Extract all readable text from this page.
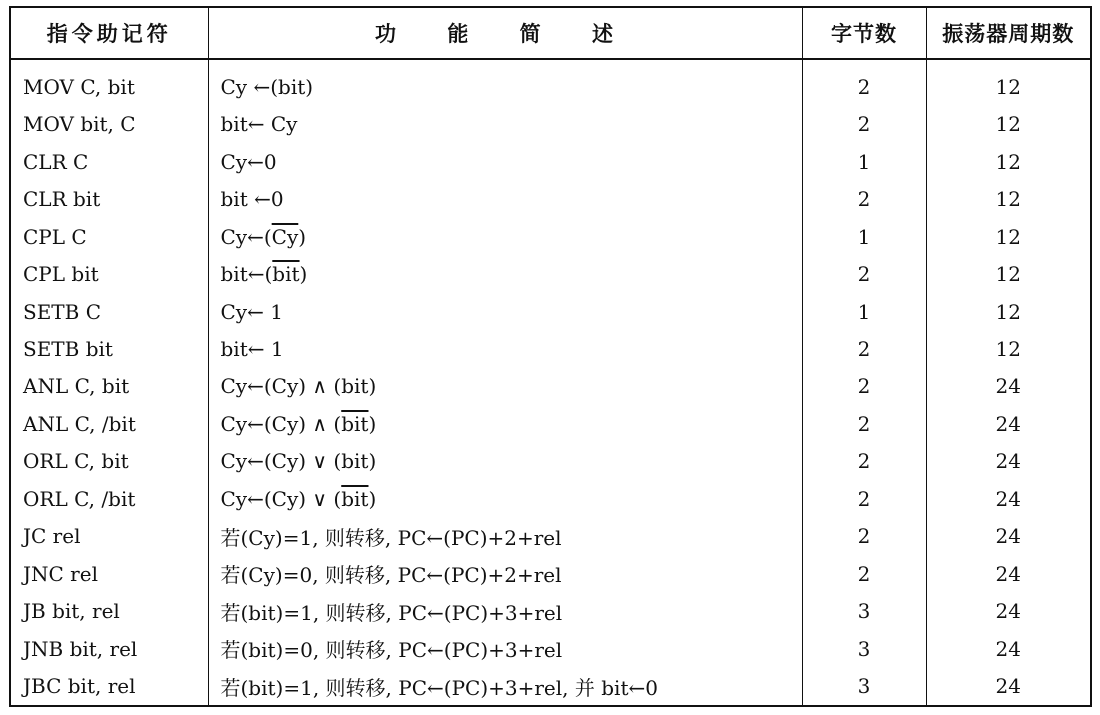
指令助记符	功 能 简 述	字节数	振荡器周期数
MOV C, bit	Cy ←(bit)	2	12
MOV bit, C	bit← Cy	2	12
CLR C	Cy←0	1	12
CLR bit	bit ←0	2	12
CPL C	$Cy\leftarrow(\overline{Cy})$	1	12
CPL bit	$bit\leftarrow(\overline{bit})$	2	12
SETB C	Cy← 1	1	12
SETB bit	bit← 1	2	12
ANL C, bit	Cy←(Cy) ∧ (bit)	2	24
ANL C, /bit	Cy←(Cy) ∧ $(\overline{bit})$	2	24
ORL C, bit	Cy←(Cy) ∨ (bit)	2	24
ORL C, /bit	Cy←(Cy) ∨ $(\overline{bit})$	2	24
JC rel	若(Cy)=1, 则转移, PC←(PC)+2+rel	2	24
JNC rel	若(Cy)=0, 则转移, PC←(PC)+2+rel	2	24
JB bit, rel	若(bit)=1, 则转移, PC←(PC)+3+rel	3	24
JNB bit, rel	若(bit)=0, 则转移, PC←(PC)+3+rel	3	24
JBC bit, rel	若(bit)=1, 则转移, PC←(PC)+3+rel, 并 bit←0	3	24
